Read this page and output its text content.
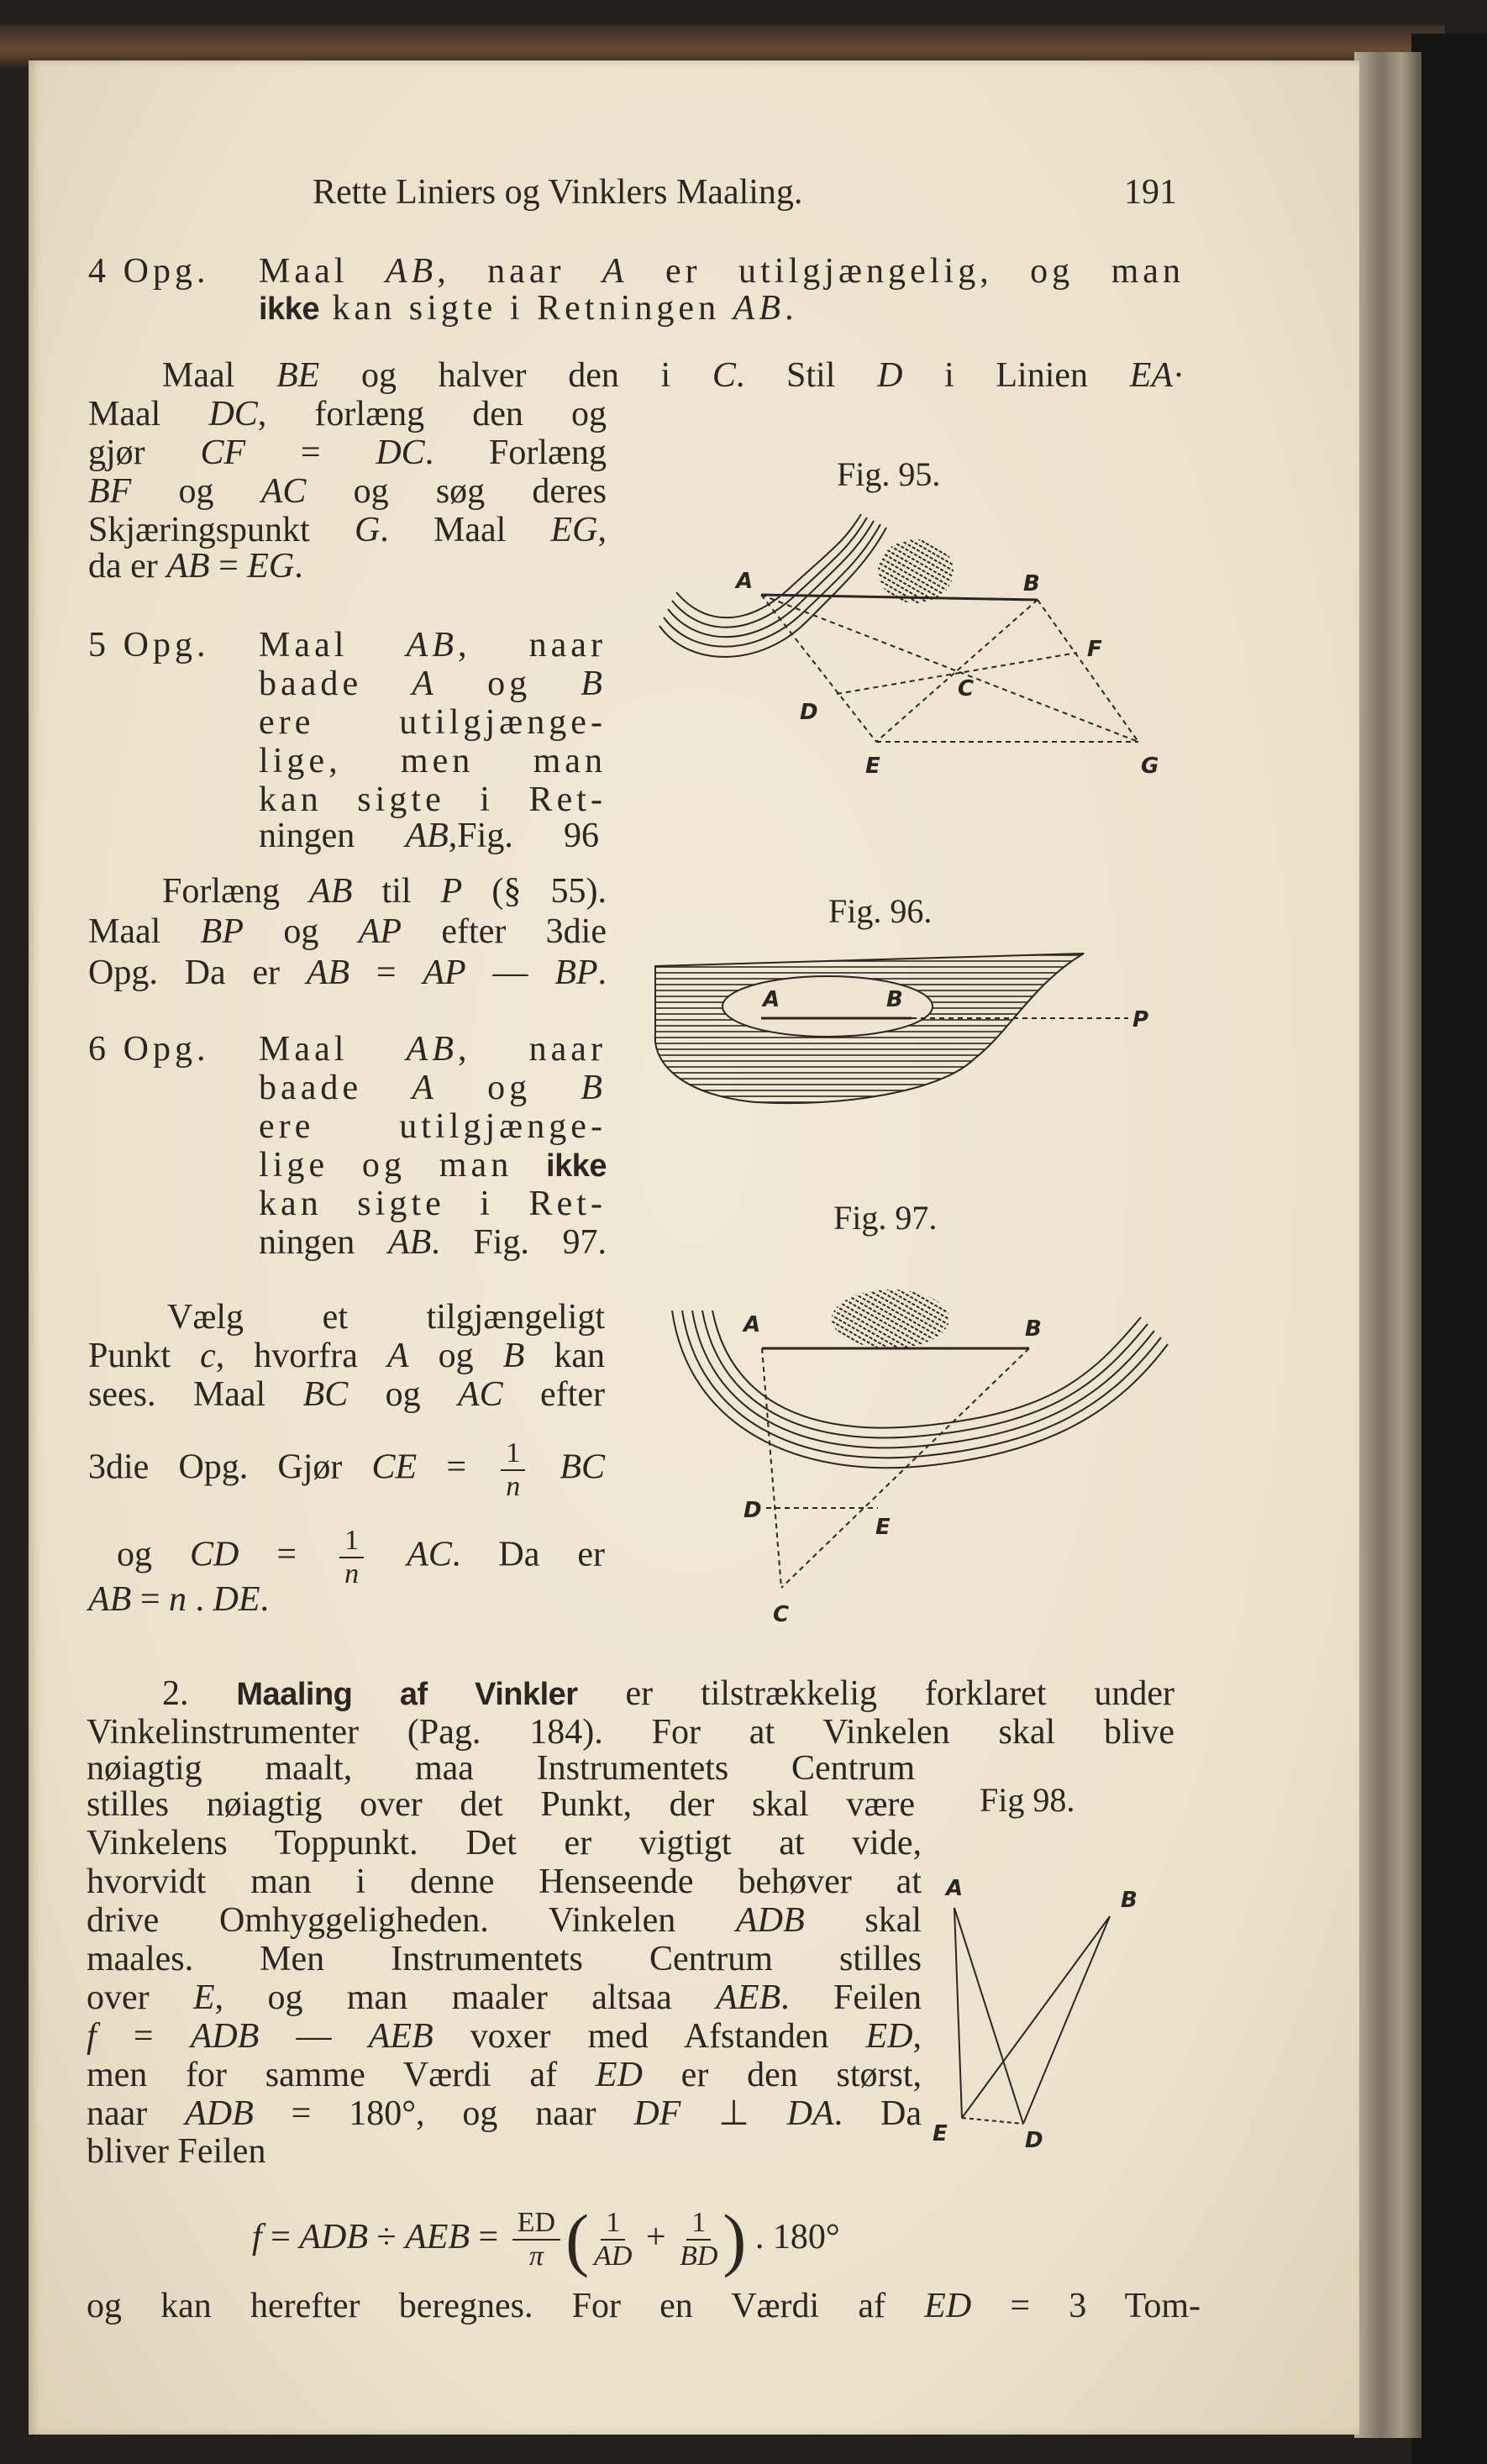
Rette Liniers og Vinklers Maaling.	191
4 Opg. Maal AB, naar A er utilgjængelig, og man
ikke kan sigte i Retningen AB.
Maal BE og halver den i C. Stil D i Linien EA·
Maal DC, forlæng den og
gjør CF = DC. Forlæng
BF og AC og søg deres
Skjæringspunkt G. Maal EG,
da er AB = EG.
5 Opg. Maal AB, naar
baade A og B
ere utilgjænge-
lige, men man
kan sigte i Ret-
ningen AB,Fig. 96
Forlæng AB til P (§ 55).
Maal BP og AP efter 3die
Opg. Da er AB = AP — BP.
6 Opg. Maal AB, naar
baade A og B
ere utilgjænge-
lige og man ikke
kan sigte i Ret-
ningen AB. Fig. 97.
Vælg et tilgjængeligt
Punkt c, hvorfra A og B kan
sees. Maal BC og AC efter
3die Opg. Gjør CE = $\frac{1}{n}$ BC
og CD = $\frac{1}{n}$ AC. Da er
AB = n . DE.
2. Maaling af Vinkler er tilstrækkelig forklaret under
Vinkelinstrumenter (Pag. 184). For at Vinkelen skal blive
nøiagtig maalt, maa Instrumentets Centrum
stilles nøiagtig over det Punkt, der skal være
Vinkelens Toppunkt. Det er vigtigt at vide,
hvorvidt man i denne Henseende behøver at
drive Omhyggeligheden. Vinkelen ADB skal
maales. Men Instrumentets Centrum stilles
over E, og man maaler altsaa AEB. Feilen
f = ADB — AEB voxer med Afstanden ED,
men for samme Værdi af ED er den størst,
naar ADB = 180°, og naar DF ⊥ DA. Da
bliver Feilen
f = ADB ÷ AEB = $\frac{ED}{\pi}$ ( $\frac{1}{AD} + \frac{1}{BD}$ ) . 180°
og kan herefter beregnes. For en Værdi af ED = 3 Tom-
Fig. 95.
Fig. 96.
Fig. 97.
Fig 98.
A	B
C
D
E
F
G
A	B
P
A	B
C
D
E
A	B
D
E
